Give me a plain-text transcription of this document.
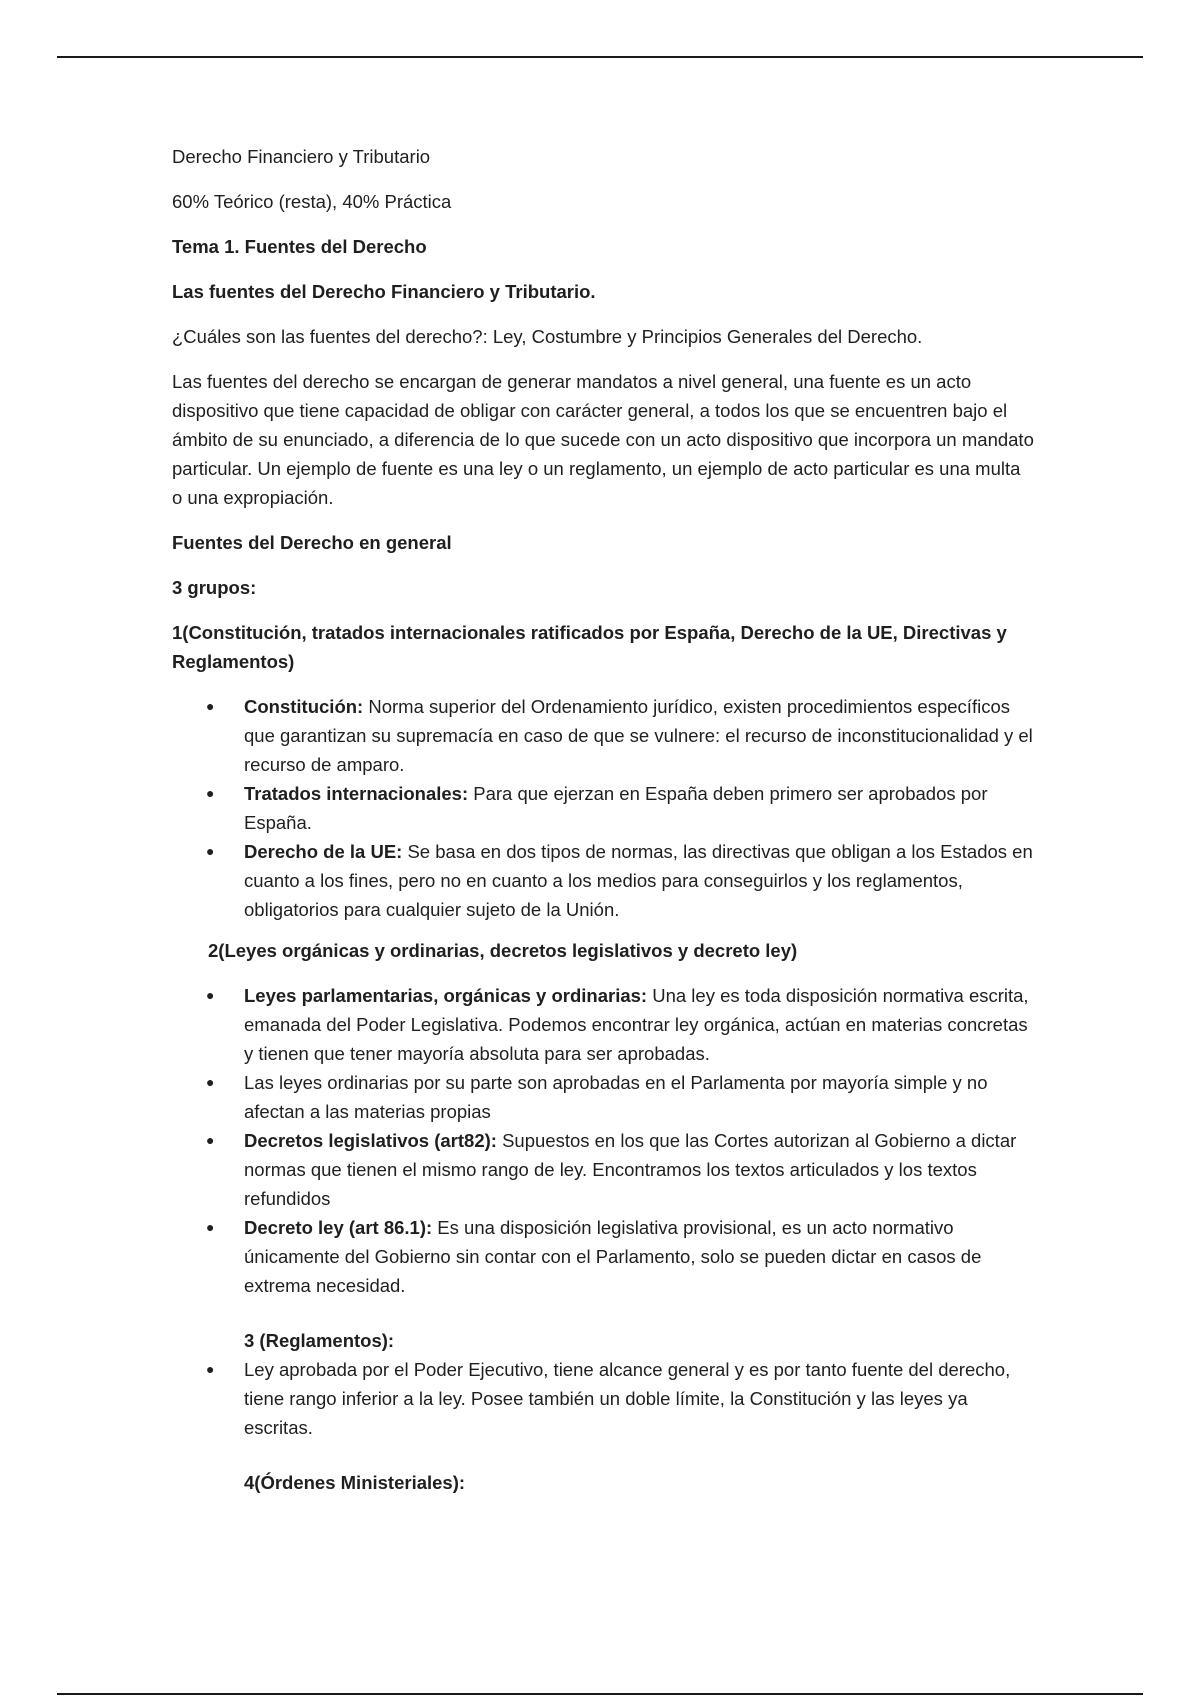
Derecho Financiero y Tributario

60% Teórico (resta), 40% Práctica

Tema 1. Fuentes del Derecho

Las fuentes del Derecho Financiero y Tributario.

¿Cuáles son las fuentes del derecho?: Ley, Costumbre y Principios Generales del Derecho.

Las fuentes del derecho se encargan de generar mandatos a nivel general, una fuente es un acto dispositivo que tiene capacidad de obligar con carácter general, a todos los que se encuentren bajo el ámbito de su enunciado, a diferencia de lo que sucede con un acto dispositivo que incorpora un mandato particular. Un ejemplo de fuente es una ley o un reglamento, un ejemplo de acto particular es una multa o una expropiación.

Fuentes del Derecho en general

3 grupos:

1(Constitución, tratados internacionales ratificados por España, Derecho de la UE, Directivas y Reglamentos)

● Constitución: Norma superior del Ordenamiento jurídico, existen procedimientos específicos que garantizan su supremacía en caso de que se vulnere: el recurso de inconstitucionalidad y el recurso de amparo.
● Tratados internacionales: Para que ejerzan en España deben primero ser aprobados por España.
● Derecho de la UE: Se basa en dos tipos de normas, las directivas que obligan a los Estados en cuanto a los fines, pero no en cuanto a los medios para conseguirlos y los reglamentos, obligatorios para cualquier sujeto de la Unión.

2(Leyes orgánicas y ordinarias, decretos legislativos y decreto ley)

● Leyes parlamentarias, orgánicas y ordinarias: Una ley es toda disposición normativa escrita, emanada del Poder Legislativa. Podemos encontrar ley orgánica, actúan en materias concretas y tienen que tener mayoría absoluta para ser aprobadas.
● Las leyes ordinarias por su parte son aprobadas en el Parlamenta por mayoría simple y no afectan a las materias propias
● Decretos legislativos (art82): Supuestos en los que las Cortes autorizan al Gobierno a dictar normas que tienen el mismo rango de ley. Encontramos los textos articulados y los textos refundidos
● Decreto ley (art 86.1): Es una disposición legislativa provisional, es un acto normativo únicamente del Gobierno sin contar con el Parlamento, solo se pueden dictar en casos de extrema necesidad.

3 (Reglamentos):

● Ley aprobada por el Poder Ejecutivo, tiene alcance general y es por tanto fuente del derecho, tiene rango inferior a la ley. Posee también un doble límite, la Constitución y las leyes ya escritas.

4(Órdenes Ministeriales):
